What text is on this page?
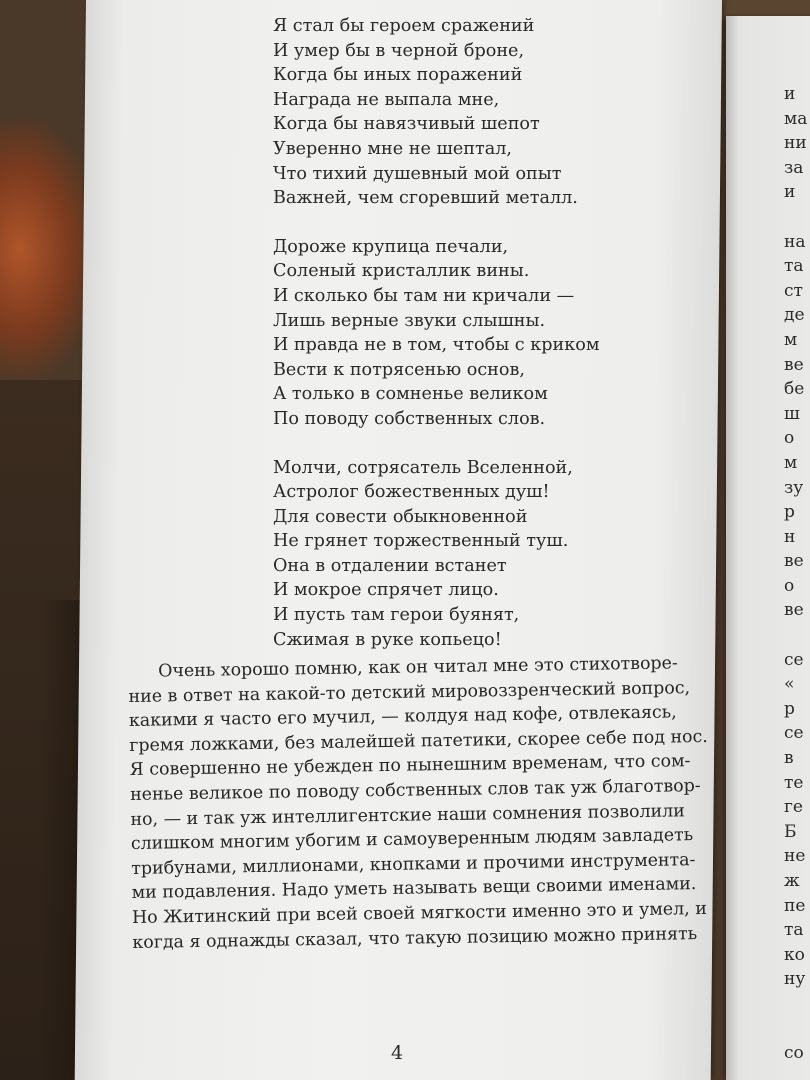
Я стал бы героем сражений
И умер бы в черной броне,
Когда бы иных поражений
Награда не выпала мне,
Когда бы навязчивый шепот
Уверенно мне не шептал,
Что тихий душевный мой опыт
Важней, чем сгоревший металл.
Дороже крупица печали,
Соленый кристаллик вины.
И сколько бы там ни кричали —
Лишь верные звуки слышны.
И правда не в том, чтобы с криком
Вести к потрясенью основ,
А только в сомненье великом
По поводу собственных слов.
Молчи, сотрясатель Вселенной,
Астролог божественных душ!
Для совести обыкновенной
Не грянет торжественный туш.
Она в отдалении встанет
И мокрое спрячет лицо.
И пусть там герои буянят,
Сжимая в руке копьецо!
Очень хорошо помню, как он читал мне это стихотворе-
ние в ответ на какой-то детский мировоззренческий вопрос,
какими я часто его мучил, — колдуя над кофе, отвлекаясь,
гремя ложками, без малейшей патетики, скорее себе под нос.
Я совершенно не убежден по нынешним временам, что сом-
ненье великое по поводу собственных слов так уж благотвор-
но, — и так уж интеллигентские наши сомнения позволили
слишком многим убогим и самоуверенным людям завладеть
трибунами, миллионами, кнопками и прочими инструмента-
ми подавления. Надо уметь называть вещи своими именами.
Но Житинский при всей своей мягкости именно это и умел, и
когда я однажды сказал, что такую позицию можно принять
4
и
ма
ни
за
и
на
та
ст
де
м
ве
бе
ш
о
м
зу
р
н
ве
о
ве
се
«
р
се
в
те
ге
Б
не
ж
пе
та
ко
ну
со
